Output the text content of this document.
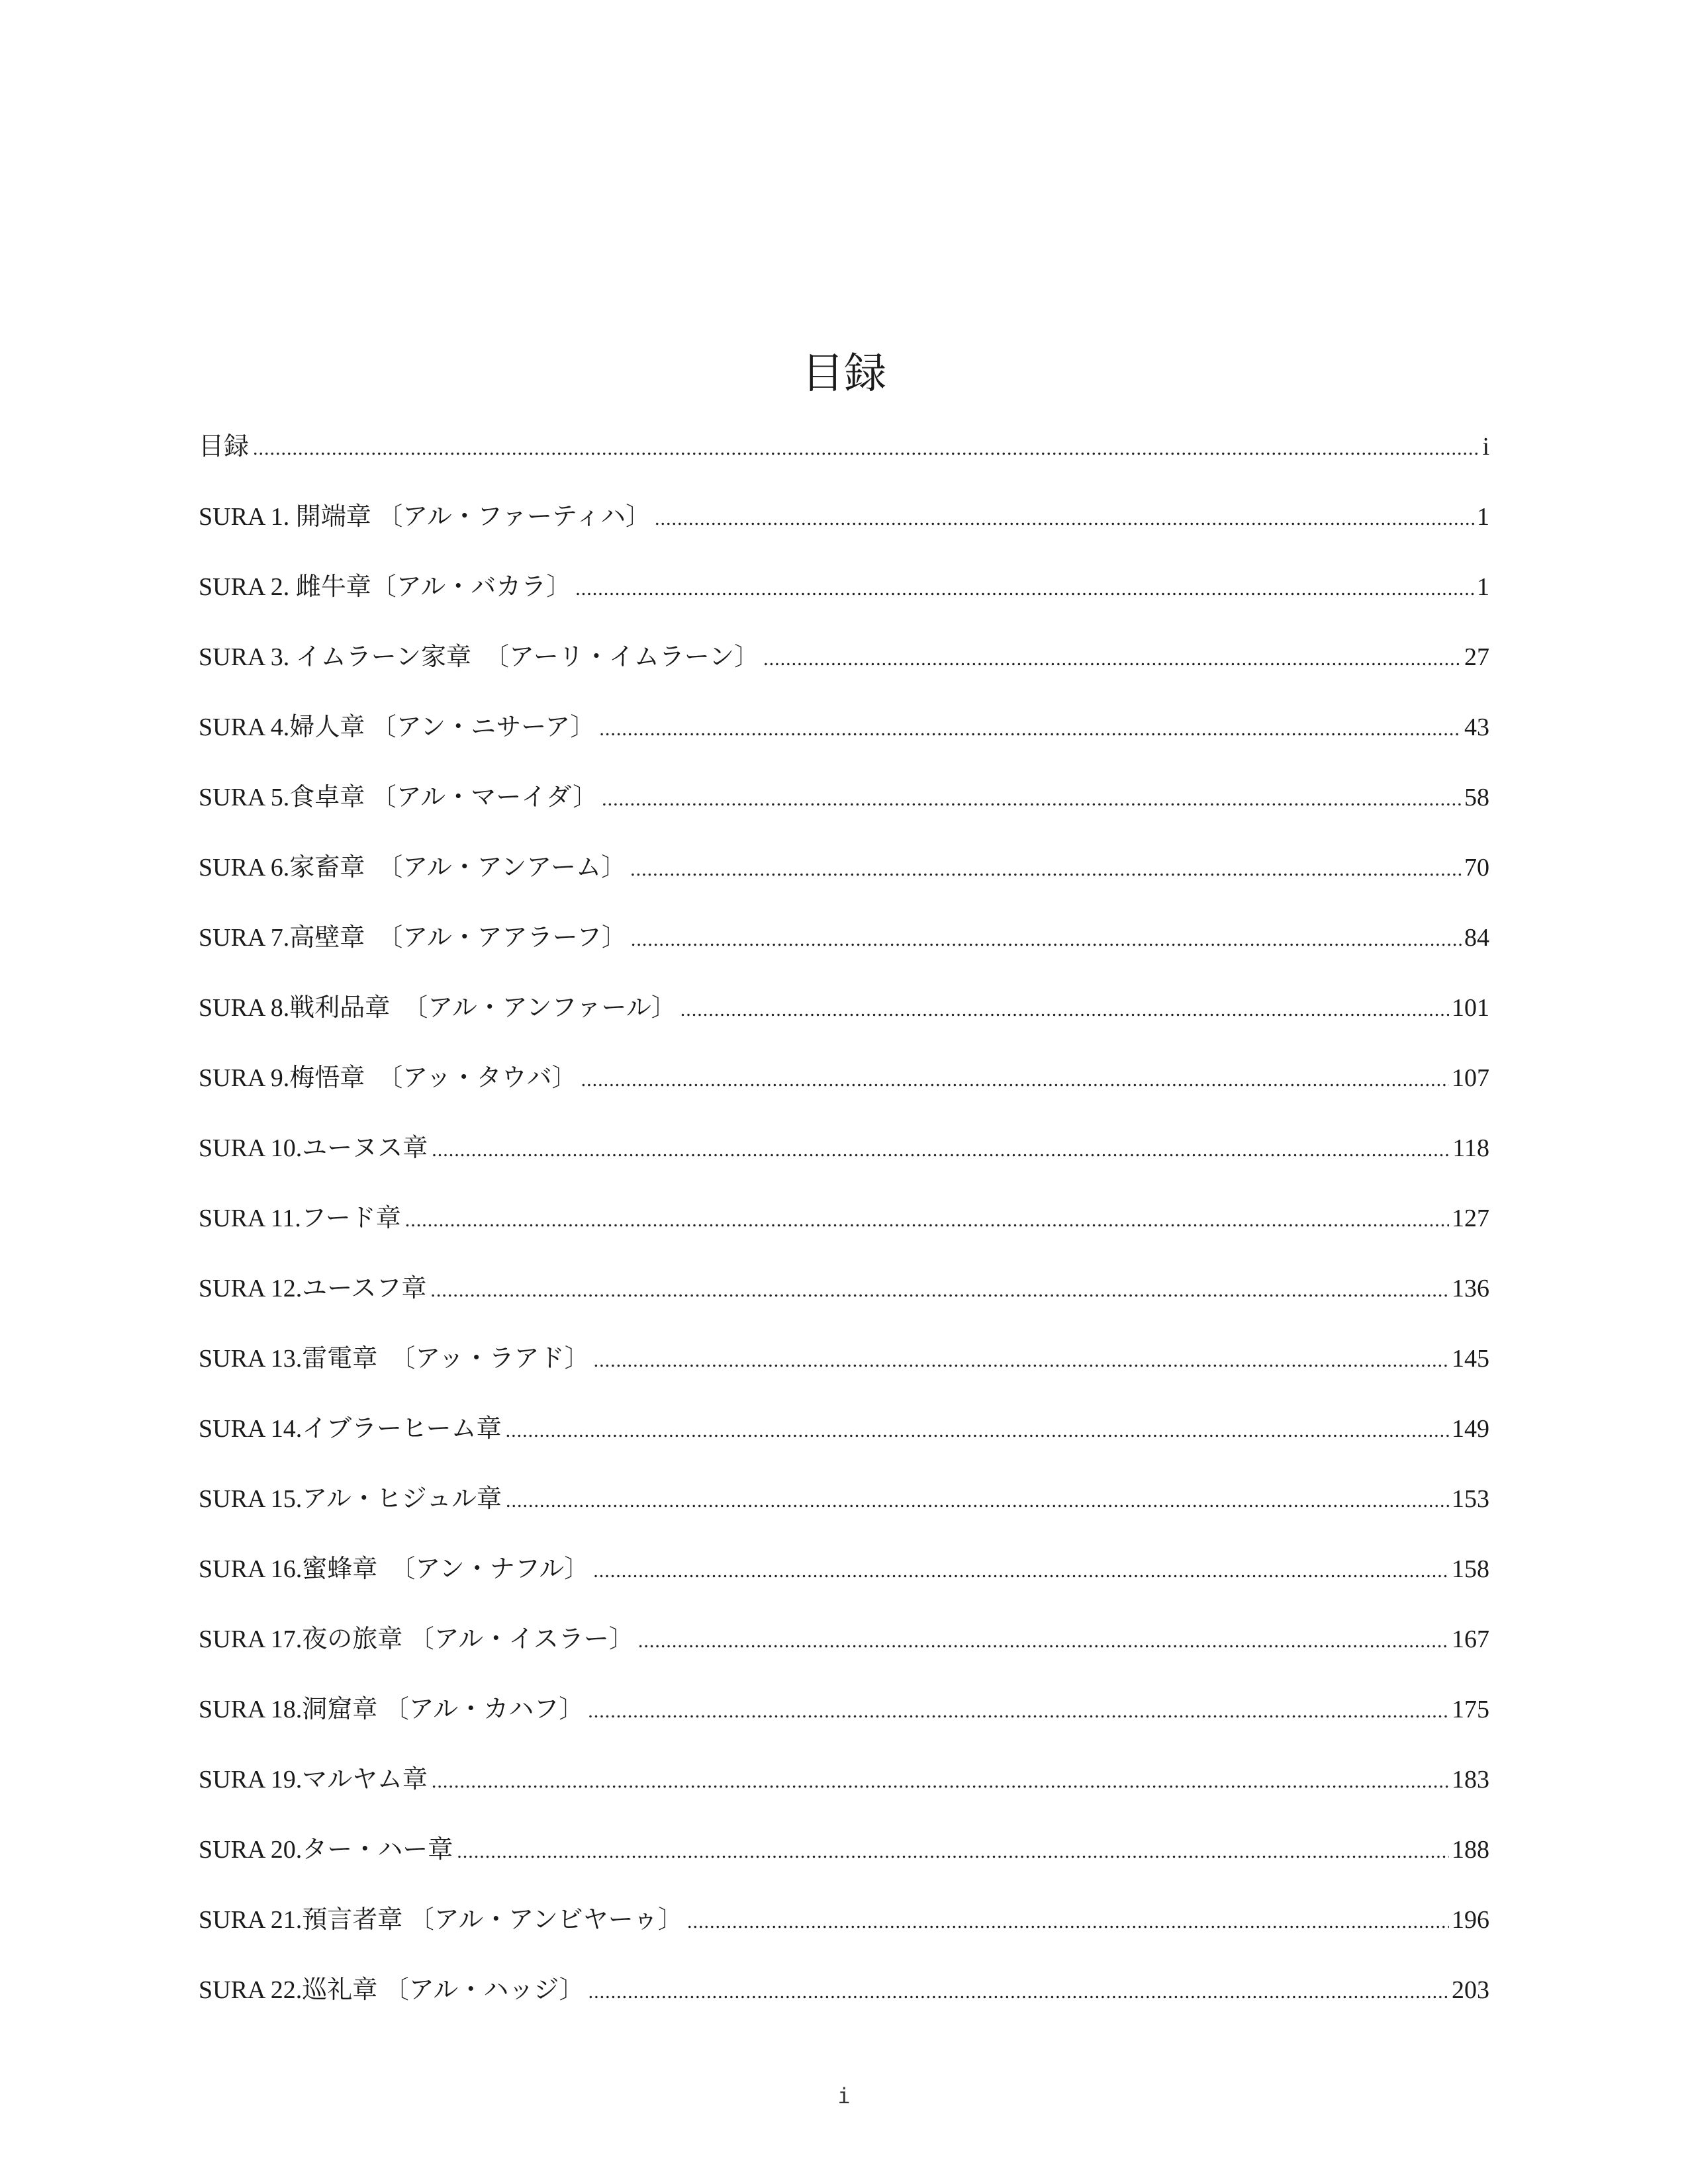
目録
目録 .....	i
SURA 1. 開端章 〔アル・ファーティハ〕 .....	1
SURA 2. 雌牛章〔アル・バカラ〕 .....	1
SURA 3. イムラーン家章　〔アーリ・イムラーン〕 .....	27
SURA 4.婦人章 〔アン・ニサーア〕 .....	43
SURA 5.食卓章 〔アル・マーイダ〕 .....	58
SURA 6.家畜章　〔アル・アンアーム〕 .....	70
SURA 7.高壁章　〔アル・アアラーフ〕 .....	84
SURA 8.戦利品章　〔アル・アンファール〕 .....	101
SURA 9.梅悟章　〔アッ・タウバ〕 .....	107
SURA 10.ユーヌス章 .....	118
SURA 11.フード章 .....	127
SURA 12.ユースフ章 .....	136
SURA 13.雷電章　〔アッ・ラアド〕 .....	145
SURA 14.イブラーヒーム章 .....	149
SURA 15.アル・ヒジュル章 .....	153
SURA 16.蜜蜂章　〔アン・ナフル〕 .....	158
SURA 17.夜の旅章 〔アル・イスラー〕 .....	167
SURA 18.洞窟章 〔アル・カハフ〕 .....	175
SURA 19.マルヤム章 .....	183
SURA 20.ター・ハー章 .....	188
SURA 21.預言者章 〔アル・アンビヤーゥ〕 .....	196
SURA 22.巡礼章 〔アル・ハッジ〕 .....	203
i
